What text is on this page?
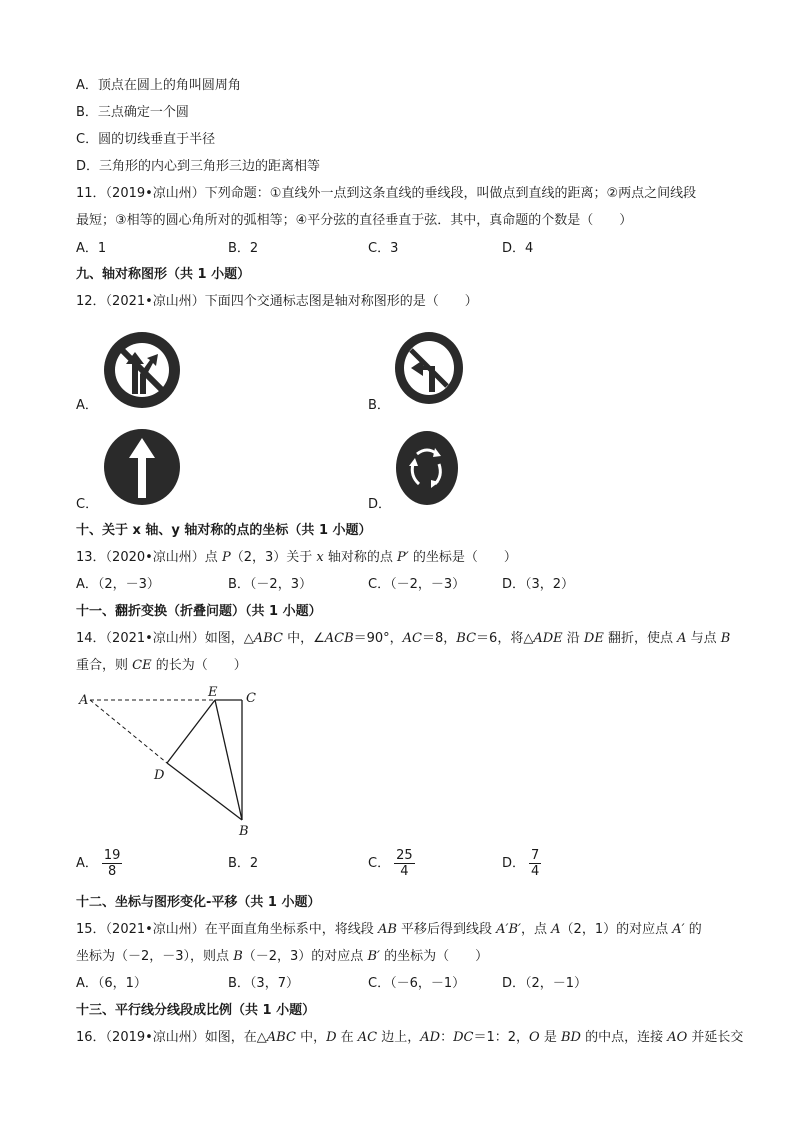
A．顶点在圆上的角叫圆周角
B．三点确定一个圆
C．圆的切线垂直于半径
D．三角形的内心到三角形三边的距离相等
11．（2019•凉山州）下列命题：①直线外一点到这条直线的垂线段，叫做点到直线的距离；②两点之间线段
最短；③相等的圆心角所对的弧相等；④平分弦的直径垂直于弦．其中，真命题的个数是（　　）
A．1	B．2	C．3	D．4
九、轴对称图形（共 1 小题）
12．（2021•凉山州）下面四个交通标志图是轴对称图形的是（　　）
A．	B．
C．	D．
十、关于 x 轴、y 轴对称的点的坐标（共 1 小题）
13．（2020•凉山州）点 P（2，3）关于 x 轴对称的点 P′ 的坐标是（　　）
A．（2，－3）	B．（－2，3）	C．（－2，－3）	D．（3，2）
十一、翻折变换（折叠问题）（共 1 小题）
14．（2021•凉山州）如图，△ABC 中，∠ACB＝90°，AC＝8，BC＝6，将△ADE 沿 DE 翻折，使点 A 与点 B
重合，则 CE 的长为（　　）
A
E C
D
B
A． $\frac{19}{8}$	B．2	C． $\frac{25}{4}$	D． $\frac{7}{4}$
十二、坐标与图形变化-平移（共 1 小题）
15．（2021•凉山州）在平面直角坐标系中，将线段 AB 平移后得到线段 A′B′，点 A（2，1）的对应点 A′ 的
坐标为（－2，－3），则点 B（－2，3）的对应点 B′ 的坐标为（　　）
A．（6，1）	B．（3，7）	C．（－6，－1）	D．（2，－1）
十三、平行线分线段成比例（共 1 小题）
16．（2019•凉山州）如图，在△ABC 中，D 在 AC 边上，AD：DC＝1：2，O 是 BD 的中点，连接 AO 并延长交
